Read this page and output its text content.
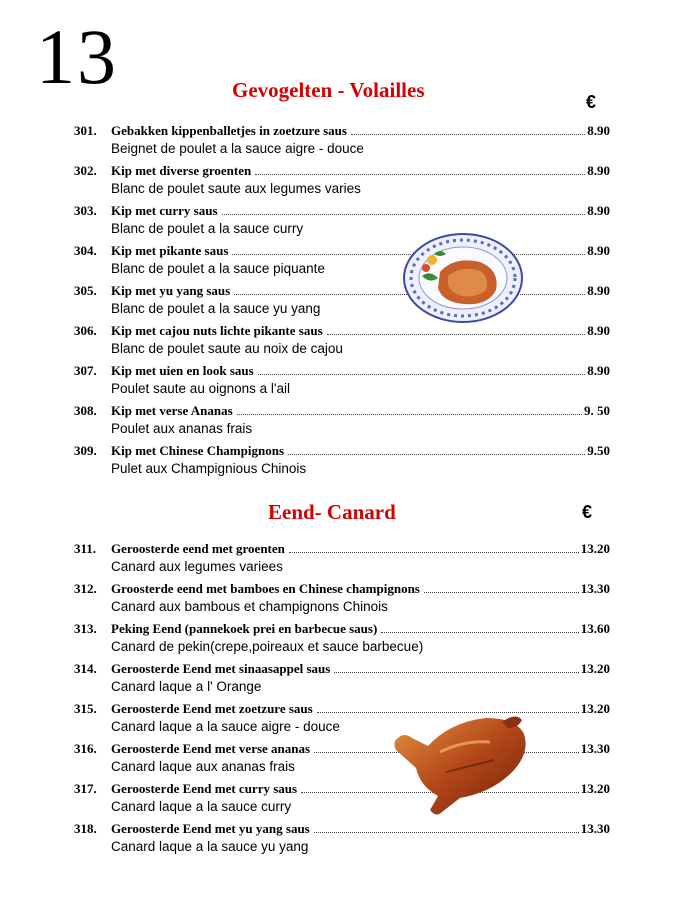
13	Gevogelten - Volailles	€
301.	Gebakken kippenballetjes in zoetzure saus	8.90
Beignet de poulet a la sauce aigre - douce
302.	Kip met diverse groenten	8.90
Blanc de poulet saute aux legumes varies
303.	Kip met curry saus	8.90
Blanc de poulet a la sauce curry
304.	Kip met pikante saus	8.90
Blanc de poulet a la sauce piquante
305.	Kip met yu yang saus	8.90
Blanc de poulet a la sauce yu yang
306.	Kip met cajou nuts lichte pikante saus	8.90
Blanc de poulet saute au noix de cajou
307.	Kip met uien en look saus	8.90
Poulet saute au oignons a l'ail
308.	Kip met verse Ananas	9. 50
Poulet aux ananas frais
309.	Kip met Chinese Champignons	9.50
Pulet aux Champignious Chinois
Eend- Canard	€
311.	Geroosterde eend met groenten	13.20
Canard aux legumes variees
312.	Groosterde eend met bamboes en Chinese champignons	13.30
Canard aux bambous et champignons Chinois
313.	Peking Eend (pannekoek prei en barbecue saus)	13.60
Canard de pekin(crepe,poireaux et sauce barbecue)
314.	Geroosterde Eend met sinaasappel saus	13.20
Canard laque a l' Orange
315.	Geroosterde Eend met zoetzure saus	13.20
Canard laque a la sauce aigre - douce
316.	Geroosterde Eend met verse ananas	13.30
Canard laque aux ananas frais
317.	Geroosterde Eend met curry saus	13.20
Canard laque a la sauce curry
318.	Geroosterde Eend met yu yang saus	13.30
Canard laque a la sauce yu yang
